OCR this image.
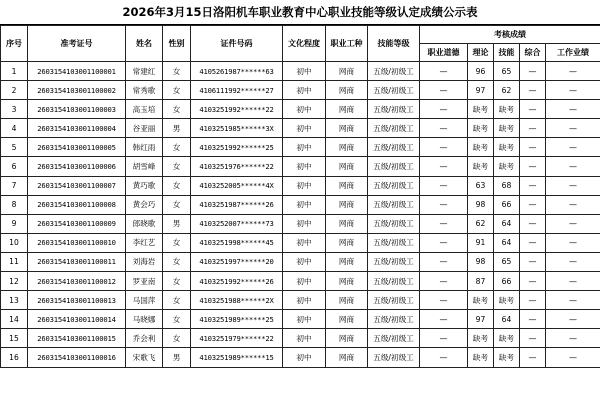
2026年3月15日洛阳机车职业教育中心职业技能等级认定成绩公示表
序号	准考证号	姓名	性别	证件号码	文化程度	职业工种	技能等级	考核成绩				
								职业道德	理论	技能	综合	工作业绩
1	2603154103001100001	常建红	女	4105261987******63	初中	网商	五级/初级工	—	96	65	—	—
2	2603154103001100002	常秀歌	女	4106111992******27	初中	网商	五级/初级工	—	97	62	—	—
3	2603154103001100003	高玉培	女	4103251992******22	初中	网商	五级/初级工	—	缺考	缺考	—	—
4	2603154103001100004	谷亚丽	男	4103251985******3X	初中	网商	五级/初级工	—	缺考	缺考	—	—
5	2603154103001100005	韩红雨	女	4103251992******25	初中	网商	五级/初级工	—	缺考	缺考	—	—
6	2603154103001100006	胡雪峰	女	4103251976******22	初中	网商	五级/初级工	—	缺考	缺考	—	—
7	2603154103001100007	黄巧歌	女	4103252005******4X	初中	网商	五级/初级工	—	63	68	—	—
8	2603154103001100008	黄会巧	女	4103251987******26	初中	网商	五级/初级工	—	98	66	—	—
9	2603154103001100009	郎晓歌	男	4103252007******73	初中	网商	五级/初级工	—	62	64	—	—
10	2603154103001100010	李红艺	女	4103251998******45	初中	网商	五级/初级工	—	91	64	—	—
11	2603154103001100011	刘海岩	女	4103251997******20	初中	网商	五级/初级工	—	98	65	—	—
12	2603154103001100012	罗亚南	女	4103251992******26	初中	网商	五级/初级工	—	87	66	—	—
13	2603154103001100013	马国萍	女	4103251988******2X	初中	网商	五级/初级工	—	缺考	缺考	—	—
14	2603154103001100014	马晓娜	女	4103251989******25	初中	网商	五级/初级工	—	97	64	—	—
15	2603154103001100015	乔会利	女	4103251979******22	初中	网商	五级/初级工	—	缺考	缺考	—	—
16	2603154103001100016	宋歌飞	男	4103251989******15	初中	网商	五级/初级工	—	缺考	缺考	—	—
